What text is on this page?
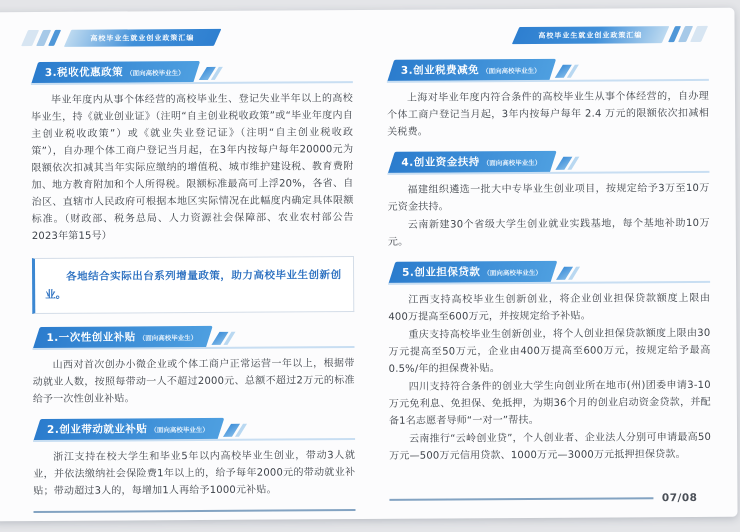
高校毕业生就业创业政策汇编	高校毕业生就业创业政策汇编
3.税收优惠政策 （面向高校毕业生）

毕业年度内从事个体经营的高校毕业生、登记失业半年以上的高校毕业生，持《就业创业证》（注明“自主创业税收政策”或“毕业年度内自主创业税收政策”）或《就业失业登记证》（注明“自主创业税收政策”），自办理个体工商户登记当月起，在3年内按每户每年20000元为限额依次扣减其当年实际应缴纳的增值税、城市维护建设税、教育费附加、地方教育附加和个人所得税。限额标准最高可上浮20%，各省、自治区、直辖市人民政府可根据本地区实际情况在此幅度内确定具体限额标准。（财政部、税务总局、人力资源社会保障部、农业农村部公告2023年第15号）

各地结合实际出台系列增量政策，助力高校毕业生创新创业。
1.一次性创业补贴 （面向高校毕业生）

山西对首次创办小微企业或个体工商户正常运营一年以上，根据带动就业人数，按照每带动一人不超过2000元、总额不超过2万元的标准给予一次性创业补贴。

2.创业带动就业补贴 （面向高校毕业生）

浙江支持在校大学生和毕业5年以内高校毕业生创业，带动3人就业，并依法缴纳社会保险费1年以上的，给予每年2000元的带动就业补贴；带动超过3人的，每增加1人再给予1000元补贴。

3.创业税费减免 （面向高校毕业生）

上海对毕业年度内符合条件的高校毕业生从事个体经营的，自办理个体工商户登记当月起，3年内按每户每年 2.4 万元的限额依次扣减相关税费。

4.创业资金扶持 （面向高校毕业生）

福建组织遴选一批大中专毕业生创业项目，按规定给予3万至10万元资金扶持。

云南新建30个省级大学生创业就业实践基地，每个基地补助10万元。

5.创业担保贷款 （面向高校毕业生）

江西支持高校毕业生创新创业，将企业创业担保贷款额度上限由400万提高至600万元，并按规定给予补贴。

重庆支持高校毕业生创新创业，将个人创业担保贷款额度上限由30万元提高至50万元，企业由400万提高至600万元，按规定给予最高0.5%/年的担保费补贴。

四川支持符合条件的创业大学生向创业所在地市(州)团委申请3-10万元免利息、免担保、免抵押，为期36个月的创业启动资金贷款，并配备1名志愿者导师“一对一”帮扶。

云南推行“云岭创业贷”，个人创业者、企业法人分别可申请最高50万元—500万元信用贷款、1000万元—3000万元抵押担保贷款。

07/08
